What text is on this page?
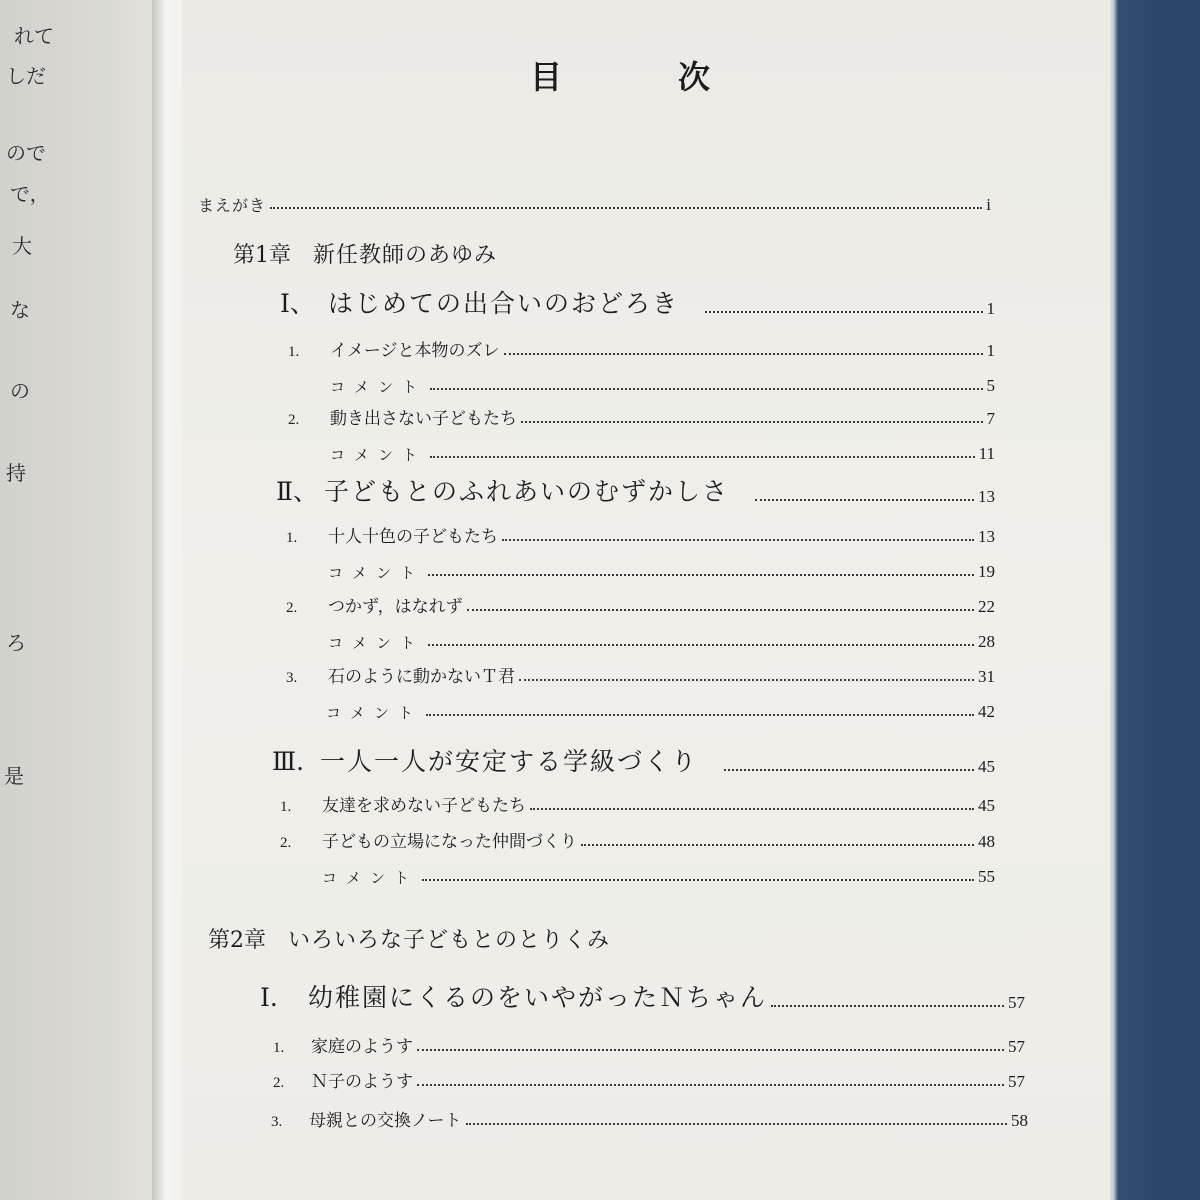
れて
しだ
ので
で，
大
な
の
持
ろ
是
目　次
まえがき	i
第1章 新任教師のあゆみ
Ⅰ、 はじめての出合いのおどろき	1
1.	イメージと本物のズレ	1
コメント	5
2.	動き出さない子どもたち	7
コメント	11
Ⅱ、 子どもとのふれあいのむずかしさ	13
1.	十人十色の子どもたち	13
コメント	19
2.	つかず，はなれず	22
コメント	28
3.	石のように動かないＴ君	31
コメント	42
Ⅲ. 一人一人が安定する学級づくり	45
1.	友達を求めない子どもたち	45
2.	子どもの立場になった仲間づくり	48
コメント	55
第2章 いろいろな子どもとのとりくみ
Ⅰ.	幼稚園にくるのをいやがったＮちゃん	57
1.	家庭のようす	57
2.	Ｎ子のようす	57
3.	母親との交換ノート	58
